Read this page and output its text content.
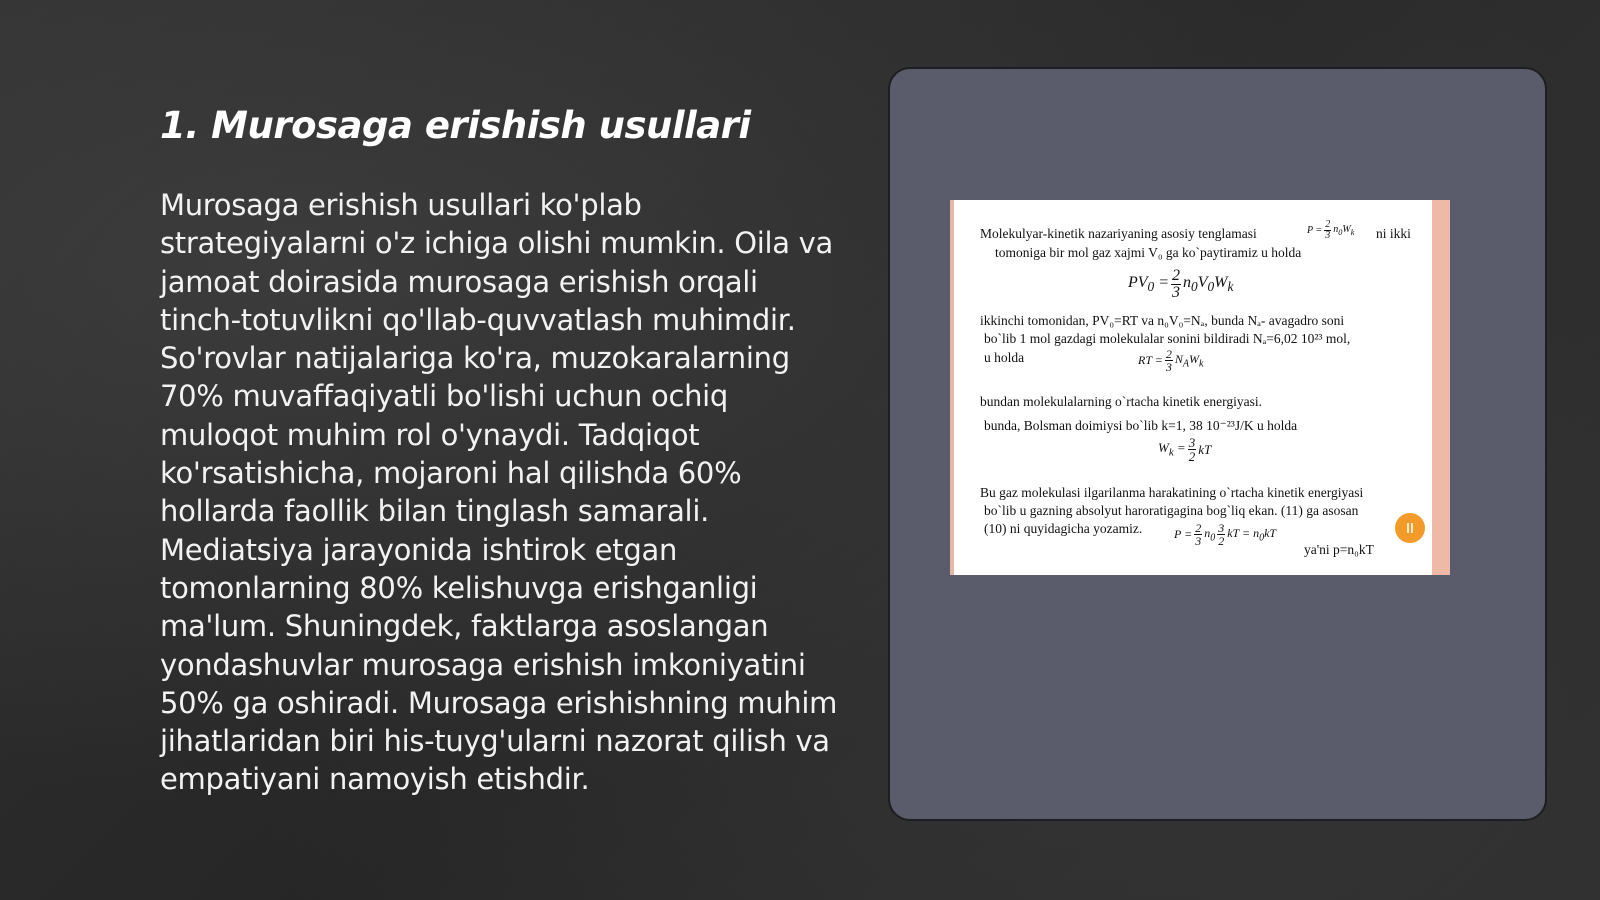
1. Murosaga erishish usullari

Murosaga erishish usullari ko'plab strategiyalarni o'z ichiga olishi mumkin. Oila va jamoat doirasida murosaga erishish orqali tinch-totuvlikni qo'llab-quvvatlash muhimdir. So'rovlar natijalariga ko'ra, muzokaralarning 70% muvaffaqiyatli bo'lishi uchun ochiq muloqot muhim rol o'ynaydi. Tadqiqot ko'rsatishicha, mojaroni hal qilishda 60% hollarda faollik bilan tinglash samarali. Mediatsiya jarayonida ishtirok etgan tomonlarning 80% kelishuvga erishganligi ma'lum. Shuningdek, faktlarga asoslangan yondashuvlar murosaga erishish imkoniyatini 50% ga oshiradi. Murosaga erishishning muhim jihatlaridan biri his-tuyg'ularni nazorat qilish va empatiyani namoyish etishdir.

Molekulyar-kinetik nazariyaning asosiy tenglamasi	$P = \frac{2}{3} n_0W_k$ ni ikki
tomoniga bir mol gaz xajmi V₀ ga ko`paytiramiz u holda
$PV_0 = \frac{2}{3} n_0V_0W_k$
ikkinchi tomonidan, PV₀=RT va n₀V₀=Nₐ, bunda Nₐ- avagadro soni
bo`lib 1 mol gazdagi molekulalar sonini bildiradi Nₐ=6,02 10²³ mol,
u holda	RT = $\frac{2}{3} N_AW_k$
bundan molekulalarning o`rtacha kinetik energiyasi.
bunda, Bolsman doimiysi bo`lib k=1, 38 10⁻²³J/K u holda
$W_k = \frac{3}{2}$ kT
Bu gaz molekulasi ilgarilanma harakatining o`rtacha kinetik energiyasi
bo`lib u gazning absolyut haroratigagina bog`liq ekan. (11) ga asosan
(10) ni quyidagicha yozamiz.	$P = \frac{2}{3} n_0 \frac{3}{2}$ kT = $n_0kT$
ya'ni p=n₀kT
